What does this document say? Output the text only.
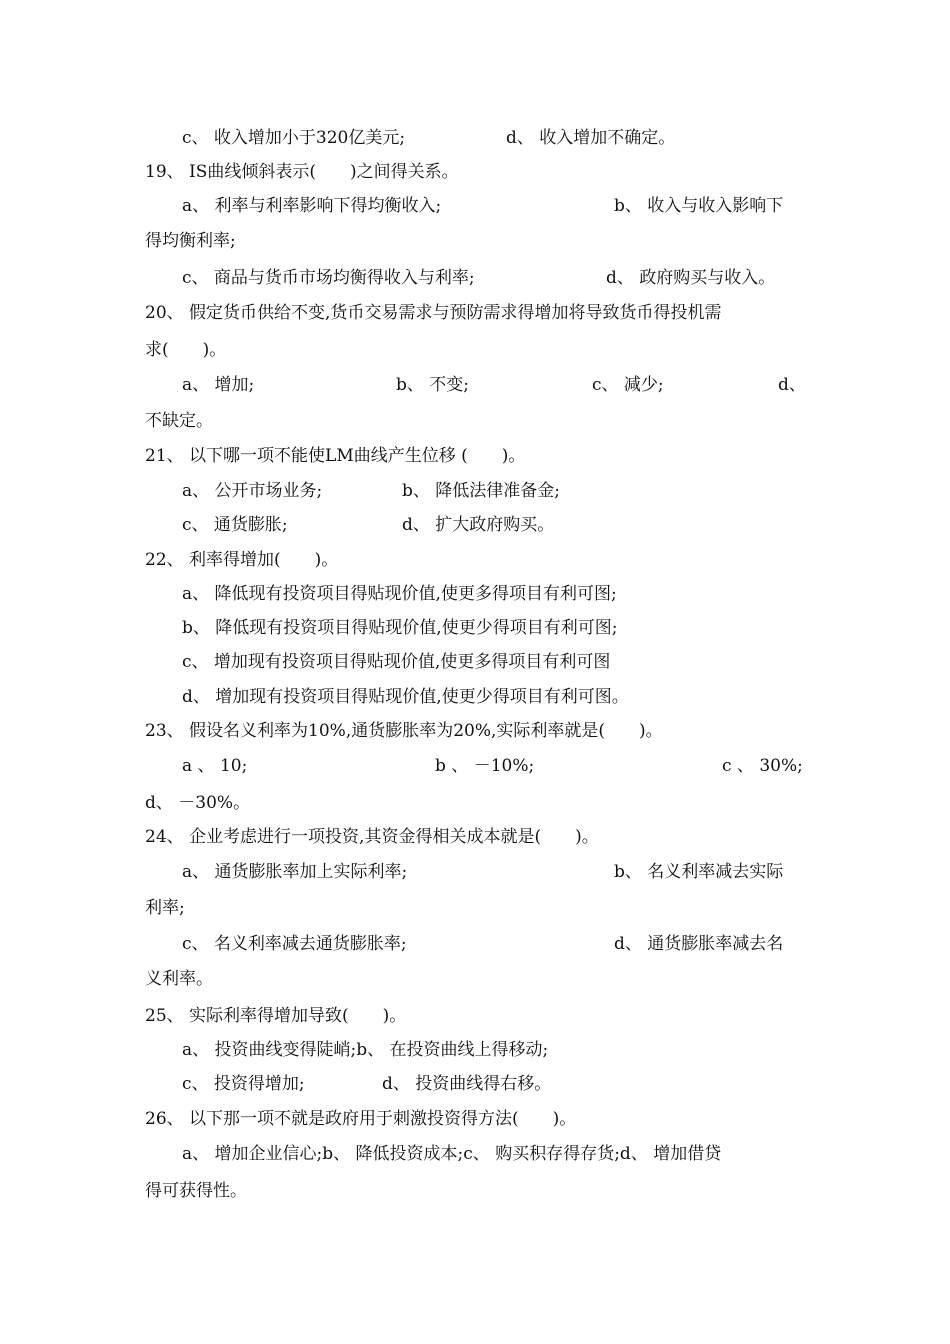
c、 收入增加小于320亿美元;	d、 收入增加不确定。
19、 IS曲线倾斜表示(　　)之间得关系。
a、 利率与利率影响下得均衡收入;	b、 收入与收入影响下
得均衡利率;
c、 商品与货币市场均衡得收入与利率;	d、 政府购买与收入。
20、 假定货币供给不变,货币交易需求与预防需求得增加将导致货币得投机需
求(　　)。
a、 增加;	b、 不变;	c、 减少;	d、
不缺定。
21、 以下哪一项不能使LM曲线产生位移 (　　)。
a、 公开市场业务;	b、 降低法律准备金;
c、 通货膨胀;	d、 扩大政府购买。
22、 利率得增加(　　)。
a、 降低现有投资项目得贴现价值,使更多得项目有利可图;
b、 降低现有投资项目得贴现价值,使更少得项目有利可图;
c、 增加现有投资项目得贴现价值,使更多得项目有利可图
d、 增加现有投资项目得贴现价值,使更少得项目有利可图。
23、 假设名义利率为10%,通货膨胀率为20%,实际利率就是(　　)。
a 、 10;	b 、 －10%;	c 、 30%;
d、 －30%。
24、 企业考虑进行一项投资,其资金得相关成本就是(　　)。
a、 通货膨胀率加上实际利率;	b、 名义利率减去实际
利率;
c、 名义利率减去通货膨胀率;	d、 通货膨胀率减去名
义利率。
25、 实际利率得增加导致(　　)。
a、 投资曲线变得陡峭;b、 在投资曲线上得移动;
c、 投资得增加;	d、 投资曲线得右移。
26、 以下那一项不就是政府用于刺激投资得方法(　　)。
a、 增加企业信心;b、 降低投资成本;c、 购买积存得存货;d、 增加借贷
得可获得性。
